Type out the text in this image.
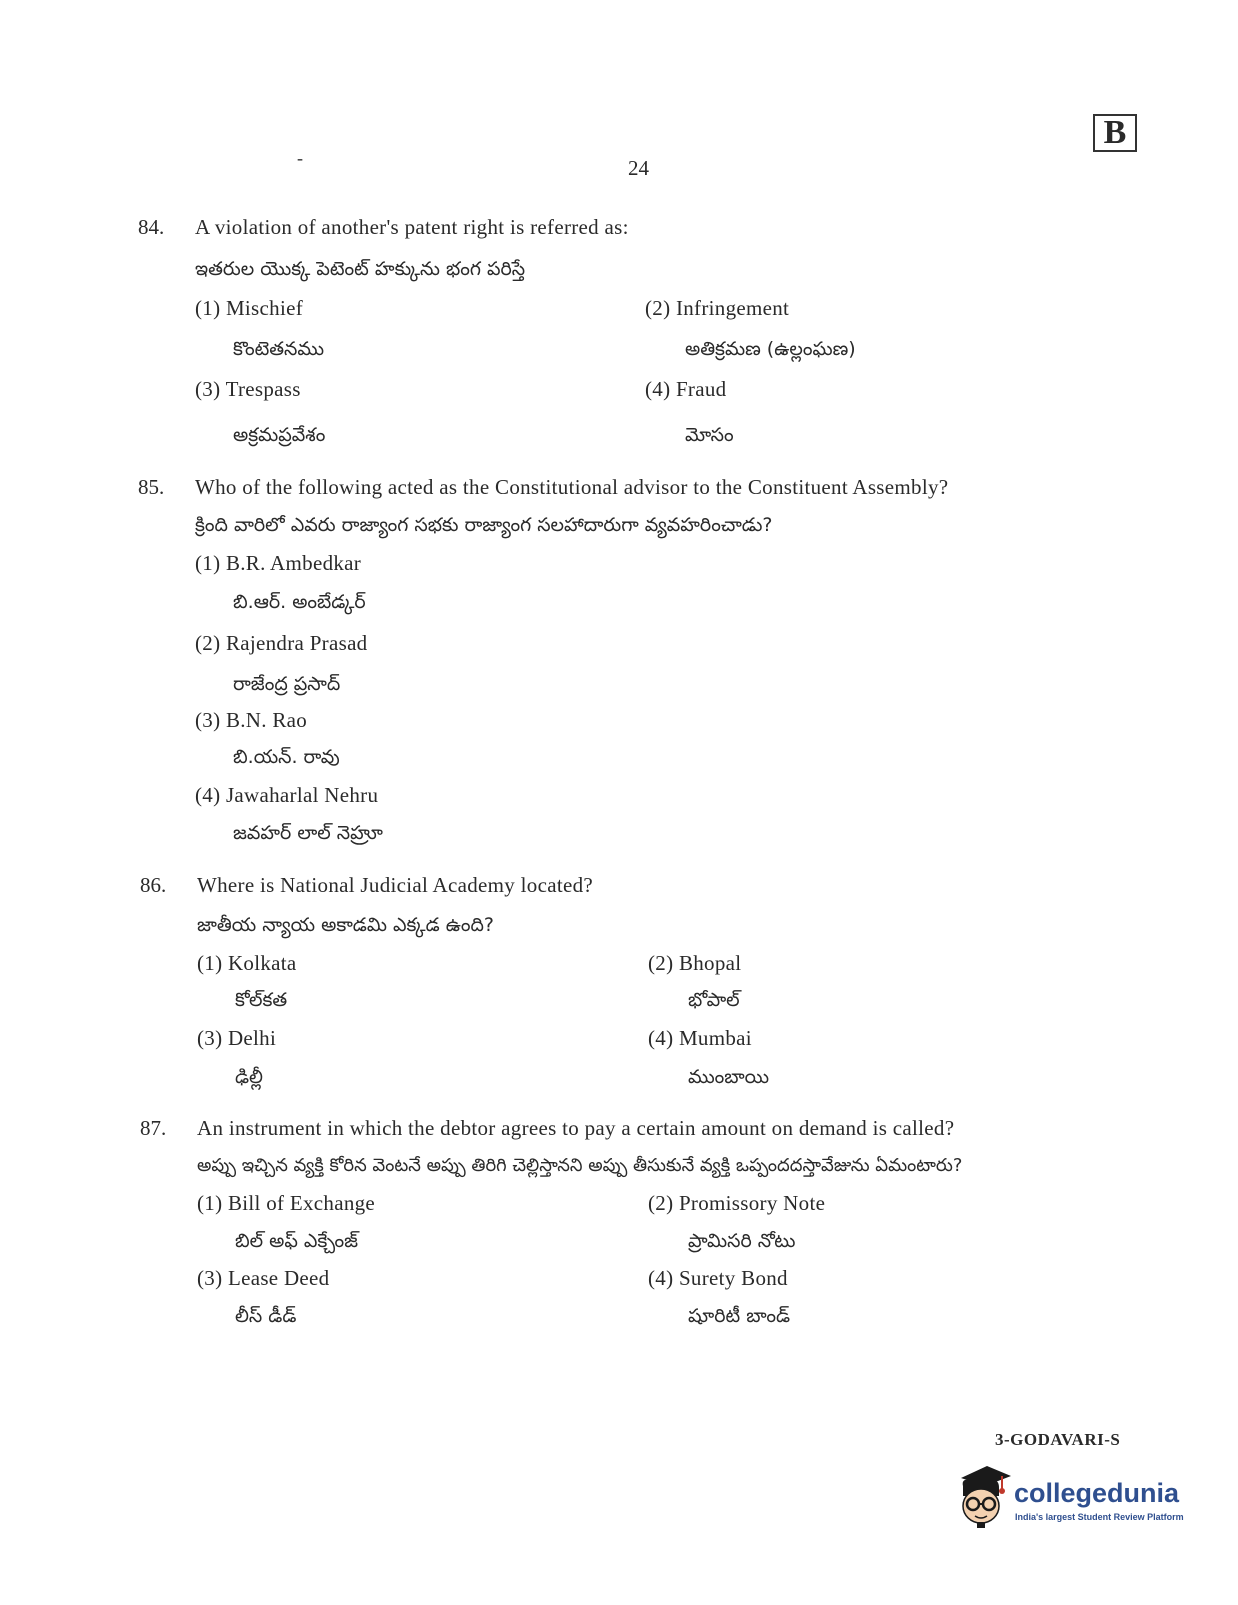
-	24
B
84. A violation of another's patent right is referred as:
ఇతరుల యొక్క పెటెంట్ హక్కును భంగ పరిస్తే
(1) Mischief
కొంటెతనము
(2) Infringement
అతిక్రమణ (ఉల్లంఘణ)
(3) Trespass
అక్రమప్రవేశం
(4) Fraud
మోసం
85. Who of the following acted as the Constitutional advisor to the Constituent Assembly?
క్రింది వారిలో ఎవరు రాజ్యాంగ సభకు రాజ్యాంగ సలహాదారుగా వ్యవహరించాడు?
(1) B.R. Ambedkar
బి.ఆర్. అంబేడ్కర్
(2) Rajendra Prasad
రాజేంద్ర ప్రసాద్
(3) B.N. Rao
బి.యన్. రావు
(4) Jawaharlal Nehru
జవహర్ లాల్ నెహ్రూ
86. Where is National Judicial Academy located?
జాతీయ న్యాయ అకాడమి ఎక్కడ ఉంది?
(1) Kolkata
కోల్‌కత
(2) Bhopal
భోపాల్
(3) Delhi
ఢిల్లీ
(4) Mumbai
ముంబాయి
87. An instrument in which the debtor agrees to pay a certain amount on demand is called?
అప్పు ఇచ్చిన వ్యక్తి కోరిన వెంటనే అప్పు తిరిగి చెల్లిస్తానని అప్పు తీసుకునే వ్యక్తి ఒప్పందదస్తావేజును ఏమంటారు?
(1) Bill of Exchange
బిల్ అఫ్ ఎక్చేంజ్
(2) Promissory Note
ప్రామిసరి నోటు
(3) Lease Deed
లీస్ డీడ్
(4) Surety Bond
షూరిటీ బాండ్
3-GODAVARI-S
collegedunia
India's largest Student Review Platform
